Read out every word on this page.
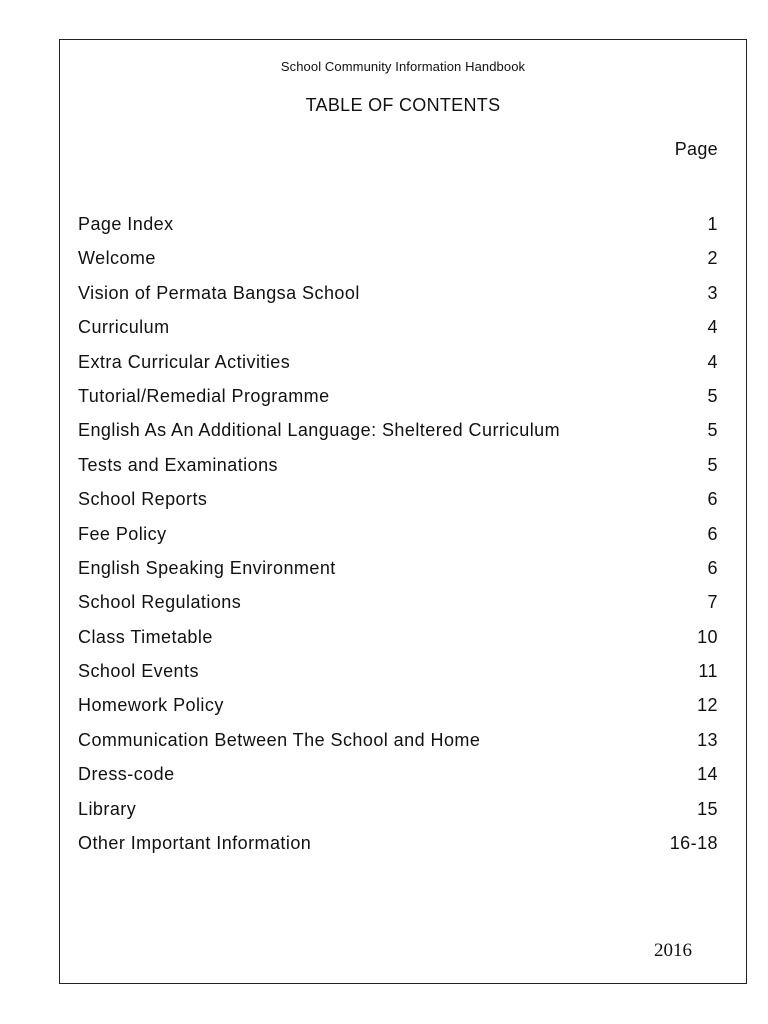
School Community Information Handbook
TABLE OF CONTENTS
Page
Page Index	1
Welcome	2
Vision of Permata Bangsa School	3
Curriculum	4
Extra Curricular Activities	4
Tutorial/Remedial Programme	5
English As An Additional Language: Sheltered Curriculum	5
Tests and Examinations	5
School Reports	6
Fee Policy	6
English Speaking Environment	6
School Regulations	7
Class Timetable	10
School Events	11
Homework Policy	12
Communication Between The School and Home	13
Dress-code	14
Library	15
Other Important Information	16-18
2016
